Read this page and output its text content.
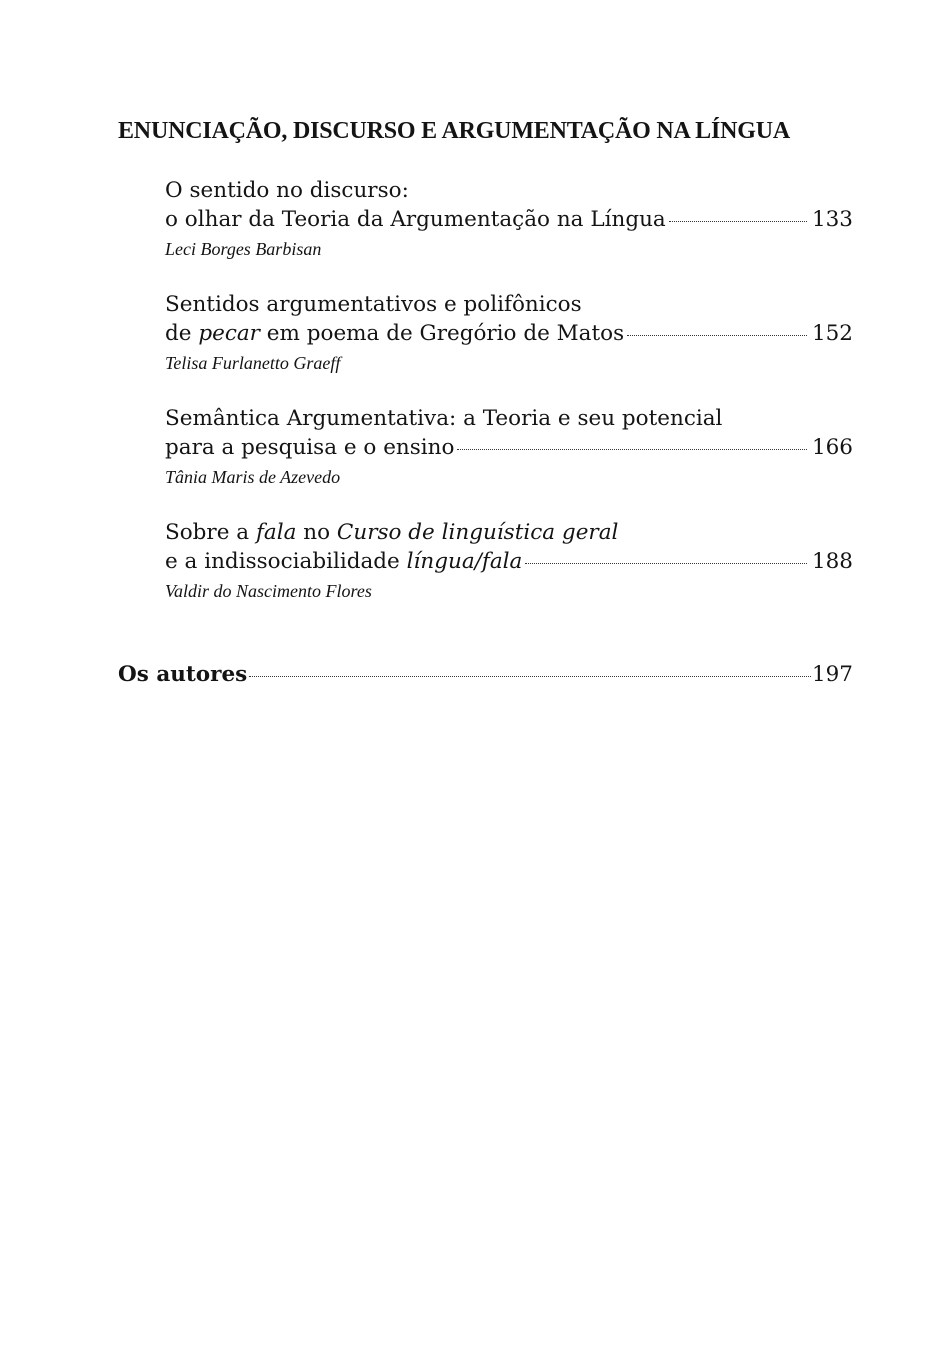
ENUNCIAÇÃO, DISCURSO E ARGUMENTAÇÃO NA LÍNGUA
O sentido no discurso:
o olhar da Teoria da Argumentação na Língua	133
Leci Borges Barbisan
Sentidos argumentativos e polifônicos
de pecar em poema de Gregório de Matos	152
Telisa Furlanetto Graeff
Semântica Argumentativa: a Teoria e seu potencial
para a pesquisa e o ensino	166
Tânia Maris de Azevedo
Sobre a fala no Curso de linguística geral
e a indissociabilidade língua/fala	188
Valdir do Nascimento Flores
Os autores	197
